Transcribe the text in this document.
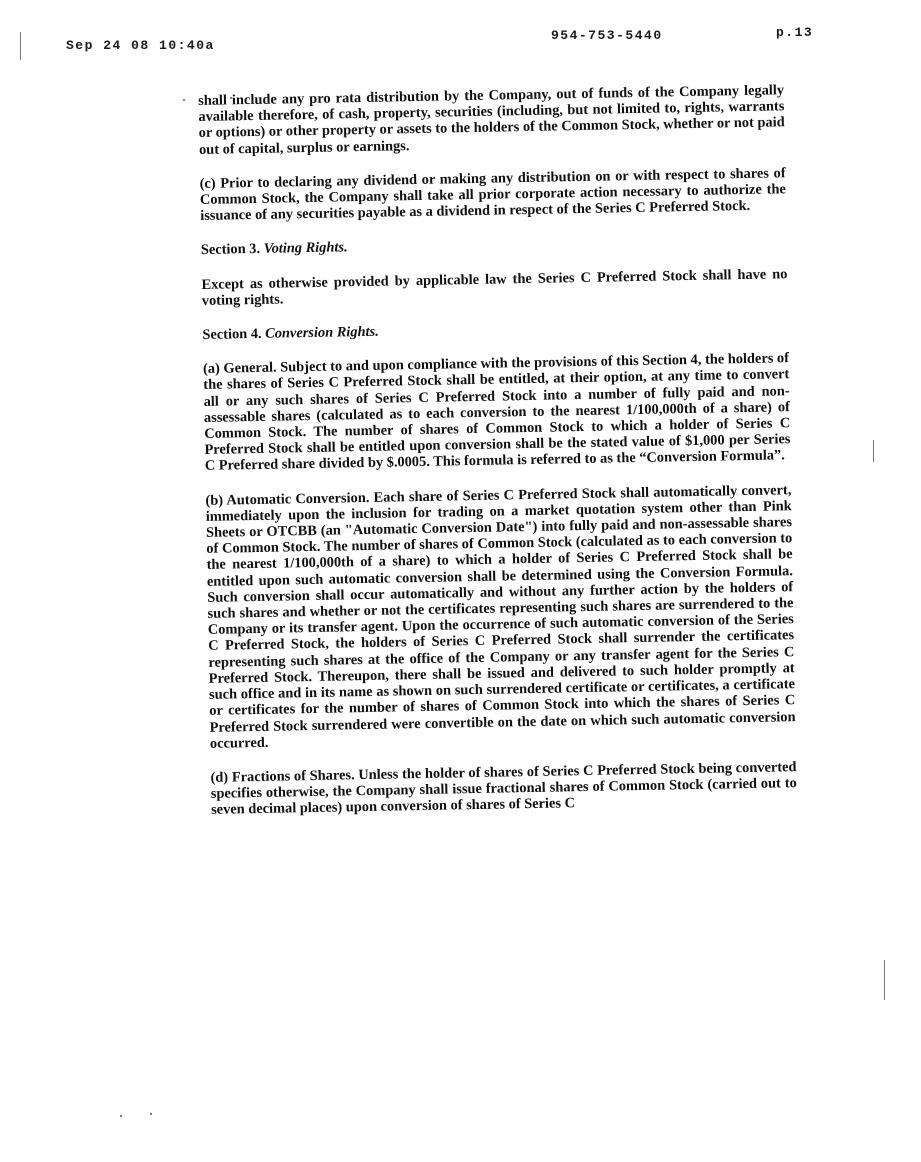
Sep 24 08 10:40a
954-753-5440	p.13

shall include any pro rata distribution by the Company, out of funds of the Company legally available therefore, of cash, property, securities (including, but not limited to, rights, warrants or options) or other property or assets to the holders of the Common Stock, whether or not paid out of capital, surplus or earnings.

(c) Prior to declaring any dividend or making any distribution on or with respect to shares of Common Stock, the Company shall take all prior corporate action necessary to authorize the issuance of any securities payable as a dividend in respect of the Series C Preferred Stock.

Section 3. Voting Rights.

Except as otherwise provided by applicable law the Series C Preferred Stock shall have no voting rights.

Section 4. Conversion Rights.

(a) General. Subject to and upon compliance with the provisions of this Section 4, the holders of the shares of Series C Preferred Stock shall be entitled, at their option, at any time to convert all or any such shares of Series C Preferred Stock into a number of fully paid and non-assessable shares (calculated as to each conversion to the nearest 1/100,000th of a share) of Common Stock. The number of shares of Common Stock to which a holder of Series C Preferred Stock shall be entitled upon conversion shall be the stated value of $1,000 per Series C Preferred share divided by $.0005. This formula is referred to as the “Conversion Formula”.

(b) Automatic Conversion. Each share of Series C Preferred Stock shall automatically convert, immediately upon the inclusion for trading on a market quotation system other than Pink Sheets or OTCBB (an "Automatic Conversion Date") into fully paid and non-assessable shares of Common Stock. The number of shares of Common Stock (calculated as to each conversion to the nearest 1/100,000th of a share) to which a holder of Series C Preferred Stock shall be entitled upon such automatic conversion shall be determined using the Conversion Formula. Such conversion shall occur automatically and without any further action by the holders of such shares and whether or not the certificates representing such shares are surrendered to the Company or its transfer agent. Upon the occurrence of such automatic conversion of the Series C Preferred Stock, the holders of Series C Preferred Stock shall surrender the certificates representing such shares at the office of the Company or any transfer agent for the Series C Preferred Stock. Thereupon, there shall be issued and delivered to such holder promptly at such office and in its name as shown on such surrendered certificate or certificates, a certificate or certificates for the number of shares of Common Stock into which the shares of Series C Preferred Stock surrendered were convertible on the date on which such automatic conversion occurred.

(d) Fractions of Shares. Unless the holder of shares of Series C Preferred Stock being converted specifies otherwise, the Company shall issue fractional shares of Common Stock (carried out to seven decimal places) upon conversion of shares of Series C
